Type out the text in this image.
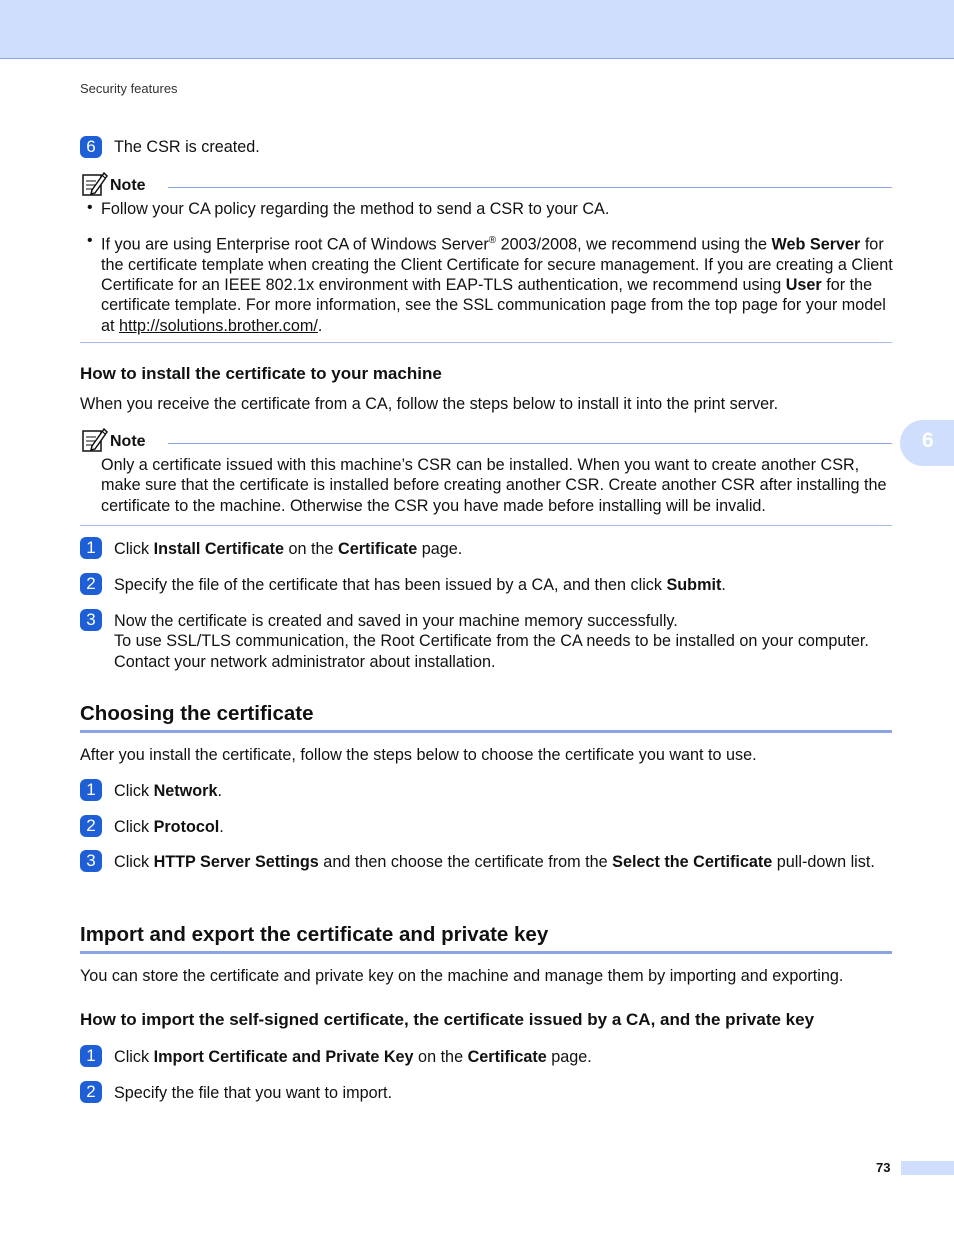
Security features
6	The CSR is created.
Note
• Follow your CA policy regarding the method to send a CSR to your CA.
• If you are using Enterprise root CA of Windows Server® 2003/2008, we recommend using the Web Server for the certificate template when creating the Client Certificate for secure management. If you are creating a Client Certificate for an IEEE 802.1x environment with EAP-TLS authentication, we recommend using User for the certificate template. For more information, see the SSL communication page from the top page for your model at http://solutions.brother.com/.
How to install the certificate to your machine
When you receive the certificate from a CA, follow the steps below to install it into the print server.
Note
Only a certificate issued with this machine’s CSR can be installed. When you want to create another CSR, make sure that the certificate is installed before creating another CSR. Create another CSR after installing the certificate to the machine. Otherwise the CSR you have made before installing will be invalid.
1	Click Install Certificate on the Certificate page.
2	Specify the file of the certificate that has been issued by a CA, and then click Submit.
3	Now the certificate is created and saved in your machine memory successfully.
To use SSL/TLS communication, the Root Certificate from the CA needs to be installed on your computer. Contact your network administrator about installation.
Choosing the certificate
After you install the certificate, follow the steps below to choose the certificate you want to use.
1	Click Network.
2	Click Protocol.
3	Click HTTP Server Settings and then choose the certificate from the Select the Certificate pull-down list.
Import and export the certificate and private key
You can store the certificate and private key on the machine and manage them by importing and exporting.
How to import the self-signed certificate, the certificate issued by a CA, and the private key
1	Click Import Certificate and Private Key on the Certificate page.
2	Specify the file that you want to import.
6
73
